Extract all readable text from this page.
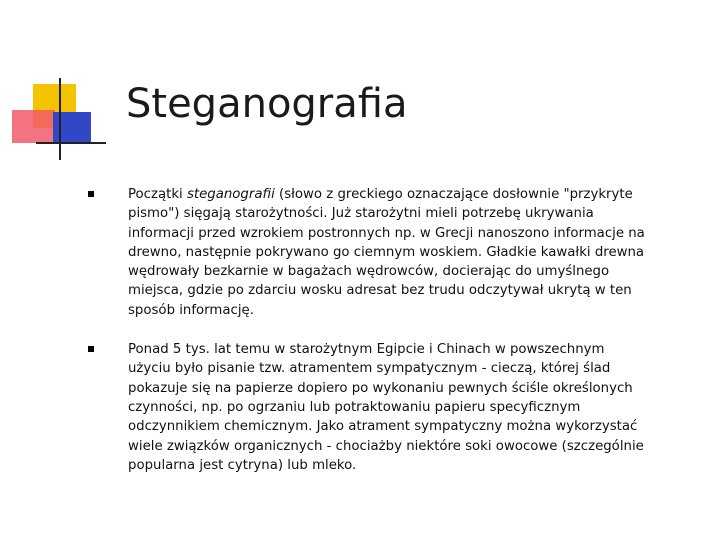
Steganografia
Początki steganografii (słowo z greckiego oznaczające dosłownie "przykryte pismo") sięgają starożytności. Już starożytni mieli potrzebę ukrywania informacji przed wzrokiem postronnych np. w Grecji nanoszono informacje na drewno, następnie pokrywano go ciemnym woskiem. Gładkie kawałki drewna wędrowały bezkarnie w bagażach wędrowców, docierając do umyślnego miejsca, gdzie po zdarciu wosku adresat bez trudu odczytywał ukrytą w ten sposób informację.
Ponad 5 tys. lat temu w starożytnym Egipcie i Chinach w powszechnym użyciu było pisanie tzw. atramentem sympatycznym - cieczą, której ślad pokazuje się na papierze dopiero po wykonaniu pewnych ściśle określonych czynności, np. po ogrzaniu lub potraktowaniu papieru specyficznym odczynnikiem chemicznym. Jako atrament sympatyczny można wykorzystać wiele związków organicznych - chociażby niektóre soki owocowe (szczególnie popularna jest cytryna) lub mleko.
